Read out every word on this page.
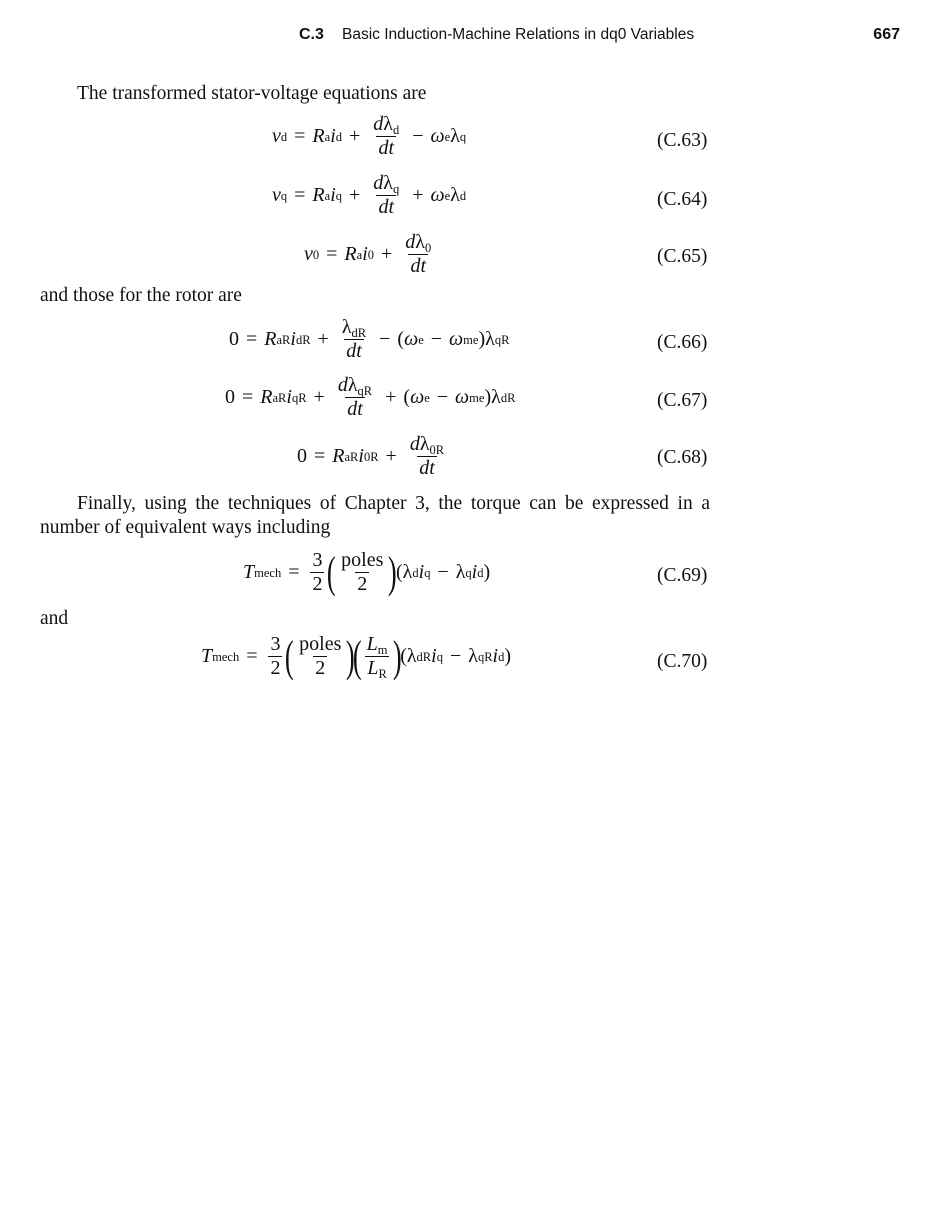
C.3 Basic Induction-Machine Relations in dq0 Variables	667
The transformed stator-voltage equations are
v d = R a i $d + \frac{d\lambda_d}{dt} - \omega$ e λ q	(C.63)
v q = R a i $q + \frac{d\lambda_q}{dt} + \omega$ e λ d	(C.64)
v 0 = R a i $0 + \frac{d\lambda_0}{dt}$	(C.65)
and those for the rotor are
0 = R aR i dR + $\frac{\lambda_{dR}}{dt}$ − ( ω e − ω me )λ qR	(C.66)
0 = R aR i qR + $\frac{d\lambda_{qR}}{dt}$ + ( ω e − ω me )λ dR	(C.67)
0 = R aR i $0R + \frac{d\lambda_{0R}}{dt}$	(C.68)
Finally, using the techniques of Chapter 3, the torque can be expressed in a
number of equivalent ways including
T mech = $\frac{3}{2}$ ( $\frac{\text{poles}}{2}$ )
(λ d i q − λ q i d )	(C.69)
and
T mech = $\frac{3}{2}$ ( $\frac{\text{poles}}{2}$ )
( $\frac{L_m}{L_R}$ )
(λ dR i q − λ qR i d )	(C.70)
